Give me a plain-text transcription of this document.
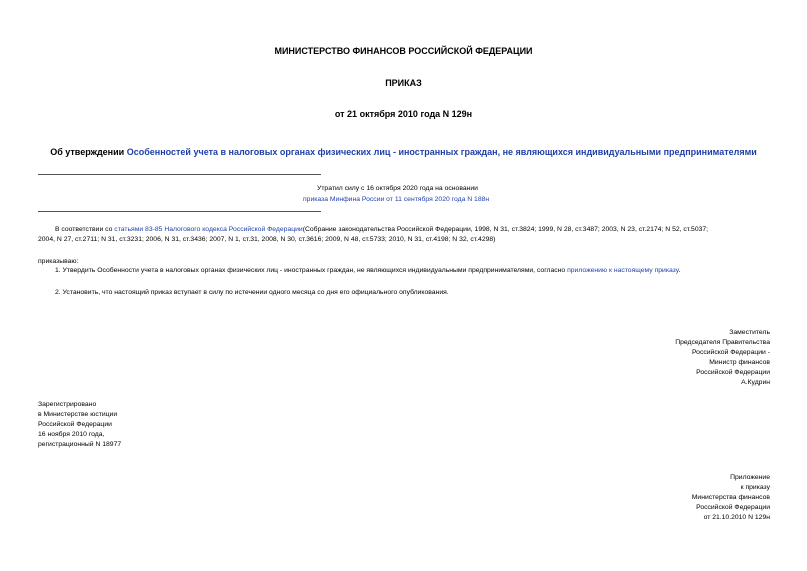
МИНИСТЕРСТВО ФИНАНСОВ РОССИЙСКОЙ ФЕДЕРАЦИИ
ПРИКАЗ
от 21 октября 2010 года N 129н
Об утверждении Особенностей учета в налоговых органах физических лиц - иностранных граждан, не являющихся индивидуальными предпринимателями
Утратил силу с 16 октября 2020 года на основании
приказа Минфина России от 11 сентября 2020 года N 188н
В соответствии со статьями 83-85 Налогового кодекса Российской Федерации(Собрание законодательства Российской Федерации, 1998, N 31, ст.3824; 1999, N 28, ст.3487; 2003, N 23, ст.2174; N 52, ст.5037;
2004, N 27, ст.2711; N 31, ст.3231; 2006, N 31, ст.3436; 2007, N 1, ст.31, 2008, N 30, ст.3616; 2009, N 48, ст.5733; 2010, N 31, ст.4198; N 32, ст.4298)
приказываю:
1. Утвердить Особенности учета в налоговых органах физических лиц - иностранных граждан, не являющихся индивидуальными предпринимателями, согласно приложению к настоящему приказу.
2. Установить, что настоящий приказ вступает в силу по истечении одного месяца со дня его официального опубликования.
Заместитель
Председателя Правительства
Российской Федерации -
Министр финансов
Российской Федерации
А.Кудрин
Зарегистрировано
в Министерстве юстиции
Российской Федерации
16 ноября 2010 года,
регистрационный N 18977
Приложение
к приказу
Министерства финансов
Российской Федерации
от 21.10.2010 N 129н
